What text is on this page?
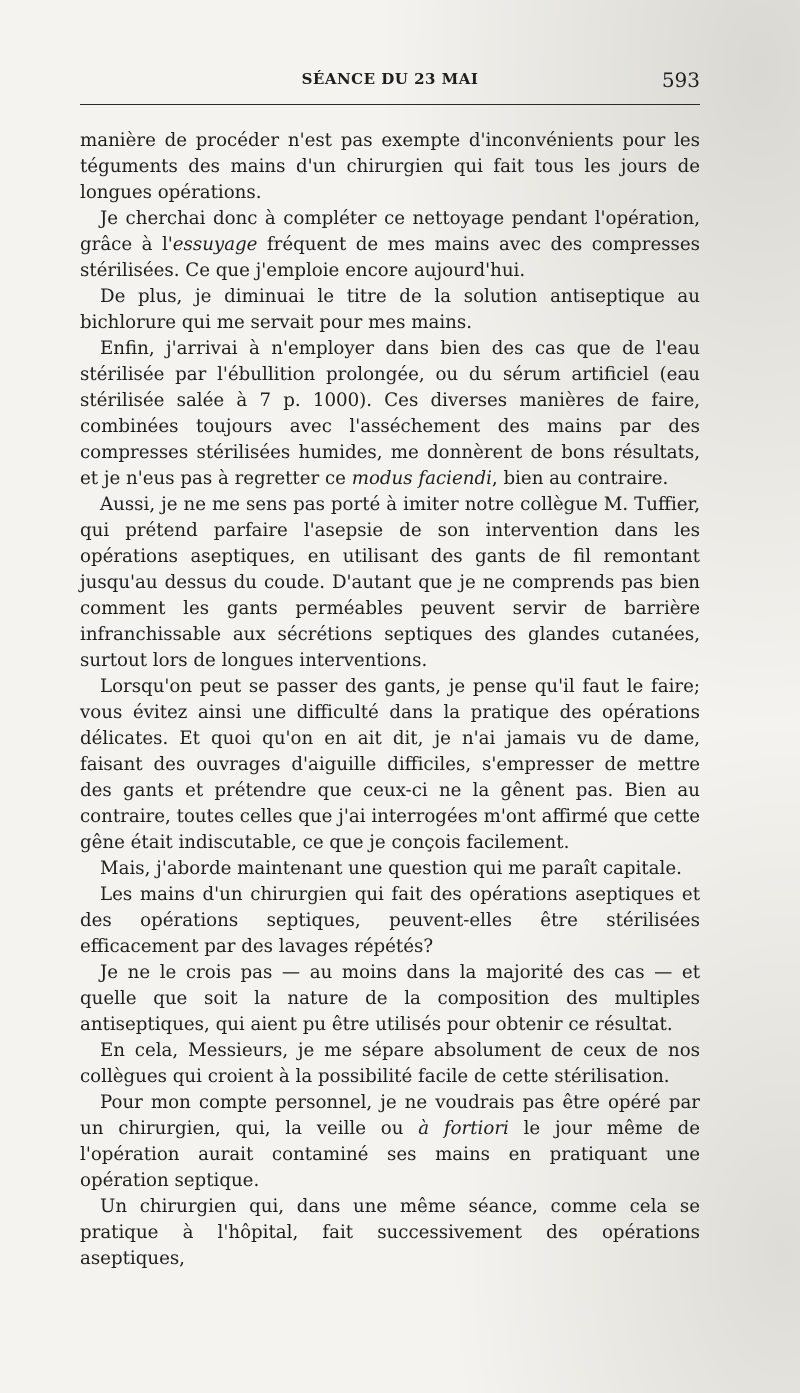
SÉANCE DU 23 MAI	593

manière de procéder n'est pas exempte d'inconvénients pour les téguments des mains d'un chirurgien qui fait tous les jours de longues opérations.

Je cherchai donc à compléter ce nettoyage pendant l'opération, grâce à l'essuyage fréquent de mes mains avec des compresses stérilisées. Ce que j'emploie encore aujourd'hui.

De plus, je diminuai le titre de la solution antiseptique au bichlorure qui me servait pour mes mains.

Enfin, j'arrivai à n'employer dans bien des cas que de l'eau stérilisée par l'ébullition prolongée, ou du sérum artificiel (eau stérilisée salée à 7 p. 1000). Ces diverses manières de faire, combinées toujours avec l'asséchement des mains par des compresses stérilisées humides, me donnèrent de bons résultats, et je n'eus pas à regretter ce modus faciendi, bien au contraire.

Aussi, je ne me sens pas porté à imiter notre collègue M. Tuffier, qui prétend parfaire l'asepsie de son intervention dans les opérations aseptiques, en utilisant des gants de fil remontant jusqu'au dessus du coude. D'autant que je ne comprends pas bien comment les gants perméables peuvent servir de barrière infranchissable aux sécrétions septiques des glandes cutanées, surtout lors de longues interventions.

Lorsqu'on peut se passer des gants, je pense qu'il faut le faire; vous évitez ainsi une difficulté dans la pratique des opérations délicates. Et quoi qu'on en ait dit, je n'ai jamais vu de dame, faisant des ouvrages d'aiguille difficiles, s'empresser de mettre des gants et prétendre que ceux-ci ne la gênent pas. Bien au contraire, toutes celles que j'ai interrogées m'ont affirmé que cette gêne était indiscutable, ce que je conçois facilement.

Mais, j'aborde maintenant une question qui me paraît capitale.

Les mains d'un chirurgien qui fait des opérations aseptiques et des opérations septiques, peuvent-elles être stérilisées efficacement par des lavages répétés?

Je ne le crois pas — au moins dans la majorité des cas — et quelle que soit la nature de la composition des multiples antiseptiques, qui aient pu être utilisés pour obtenir ce résultat.

En cela, Messieurs, je me sépare absolument de ceux de nos collègues qui croient à la possibilité facile de cette stérilisation.

Pour mon compte personnel, je ne voudrais pas être opéré par un chirurgien, qui, la veille ou à fortiori le jour même de l'opération aurait contaminé ses mains en pratiquant une opération septique.

Un chirurgien qui, dans une même séance, comme cela se pratique à l'hôpital, fait successivement des opérations aseptiques,
